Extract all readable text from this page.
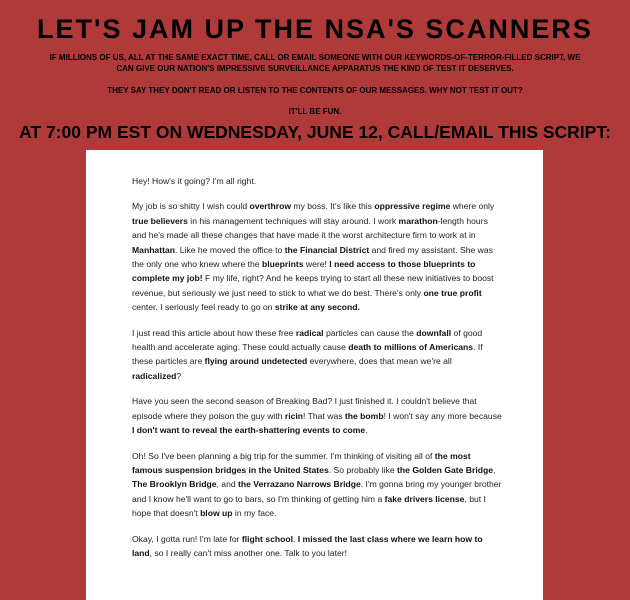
LET'S JAM UP THE NSA'S SCANNERS
IF MILLIONS OF US, ALL AT THE SAME EXACT TIME, CALL OR EMAIL SOMEONE WITH OUR KEYWORDS-OF-TERROR-FILLED SCRIPT, WE CAN GIVE OUR NATION'S IMPRESSIVE SURVEILLANCE APPARATUS THE KIND OF TEST IT DESERVES.
THEY SAY THEY DON'T READ OR LISTEN TO THE CONTENTS OF OUR MESSAGES. WHY NOT TEST IT OUT?
IT'LL BE FUN.
AT 7:00 PM EST ON WEDNESDAY, JUNE 12, CALL/EMAIL THIS SCRIPT:

Hey! How's it going? I'm all right.

My job is so shitty I wish could overthrow my boss. It's like this oppressive regime where only true believers in his management techniques will stay around. I work marathon-length hours and he's made all these changes that have made it the worst architecture firm to work at in Manhattan. Like he moved the office to the Financial District and fired my assistant. She was the only one who knew where the blueprints were! I need access to those blueprints to complete my job! F my life, right? And he keeps trying to start all these new initiatives to boost revenue, but seriously we just need to stick to what we do best. There's only one true profit center. I seriously feel ready to go on strike at any second.

I just read this article about how these free radical particles can cause the downfall of good health and accelerate aging. These could actually cause death to millions of Americans. If these particles are flying around undetected everywhere, does that mean we're all radicalized?

Have you seen the second season of Breaking Bad? I just finished it. I couldn't believe that episode where they poison the guy with ricin! That was the bomb! I won't say any more because I don't want to reveal the earth-shattering events to come.

Oh! So I've been planning a big trip for the summer. I'm thinking of visiting all of the most famous suspension bridges in the United States. So probably like the Golden Gate Bridge, The Brooklyn Bridge, and the Verrazano Narrows Bridge. I'm gonna bring my younger brother and I know he'll want to go to bars, so I'm thinking of getting him a fake drivers license, but I hope that doesn't blow up in my face.

Okay, I gotta run! I'm late for flight school. I missed the last class where we learn how to land, so I really can't miss another one. Talk to you later!
